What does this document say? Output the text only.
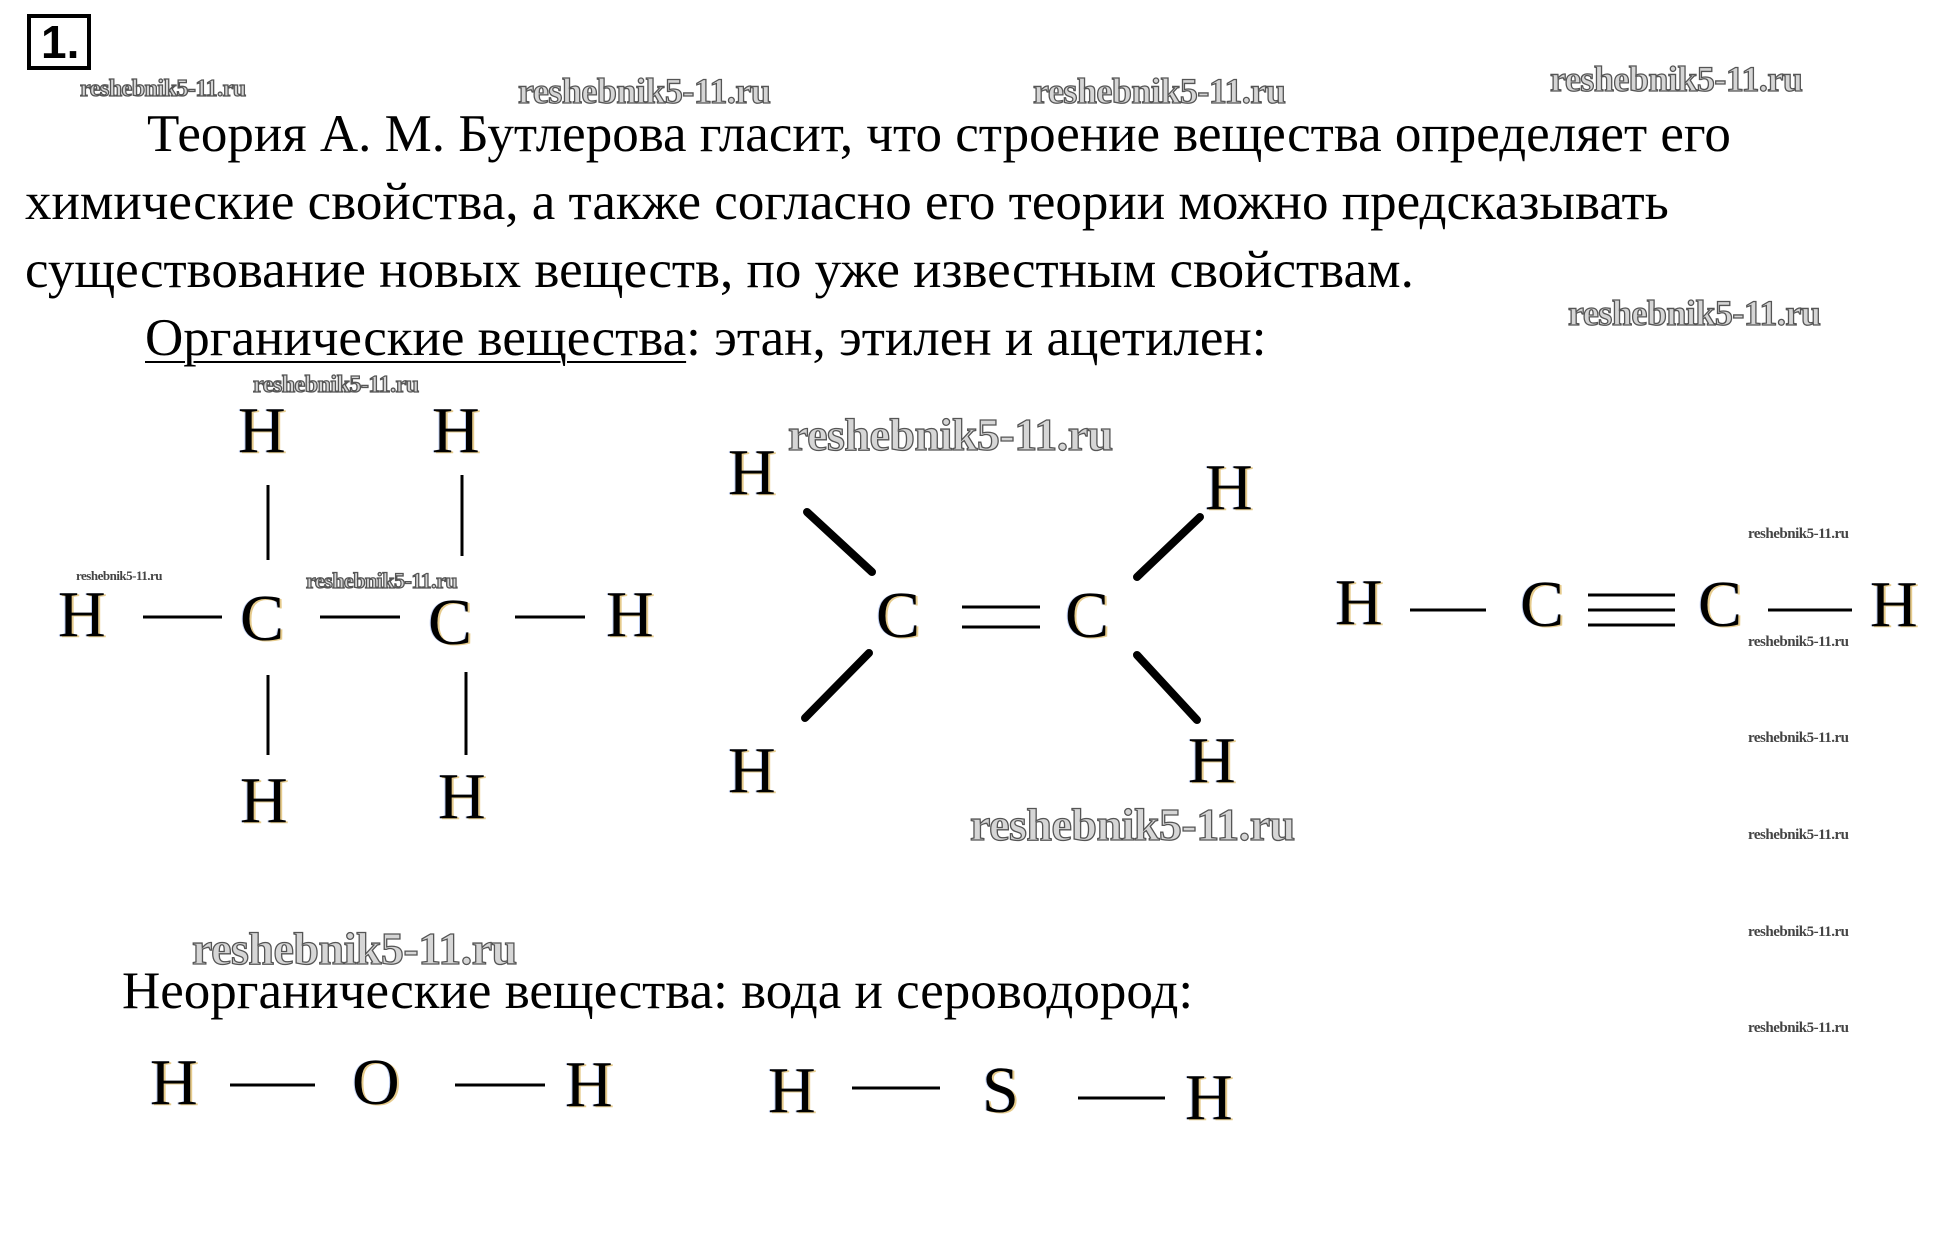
1.
reshebnik5-11.ru	reshebnik5-11.ru	reshebnik5-11.ru	reshebnik5-11.ru
reshebnik5-11.ru
reshebnik5-11.ru
reshebnik5-11.ru
reshebnik5-11.ru	reshebnik5-11.ru
reshebnik5-11.ru
reshebnik5-11.ru
reshebnik5-11.ru
reshebnik5-11.ru
reshebnik5-11.ru
reshebnik5-11.ru
reshebnik5-11.ru
reshebnik5-11.ru
Теория А. М. Бутлерова гласит, что строение вещества определяет его
химические свойства, а также согласно его теории можно предсказывать
существование новых веществ, по уже известным свойствам.
Органические вещества: этан, этилен и ацетилен:
Неорганические вещества: вода и сероводород:
H H
H C C H
H H
H	H
C C
H	H
H C C H
H O	H H	S	H
